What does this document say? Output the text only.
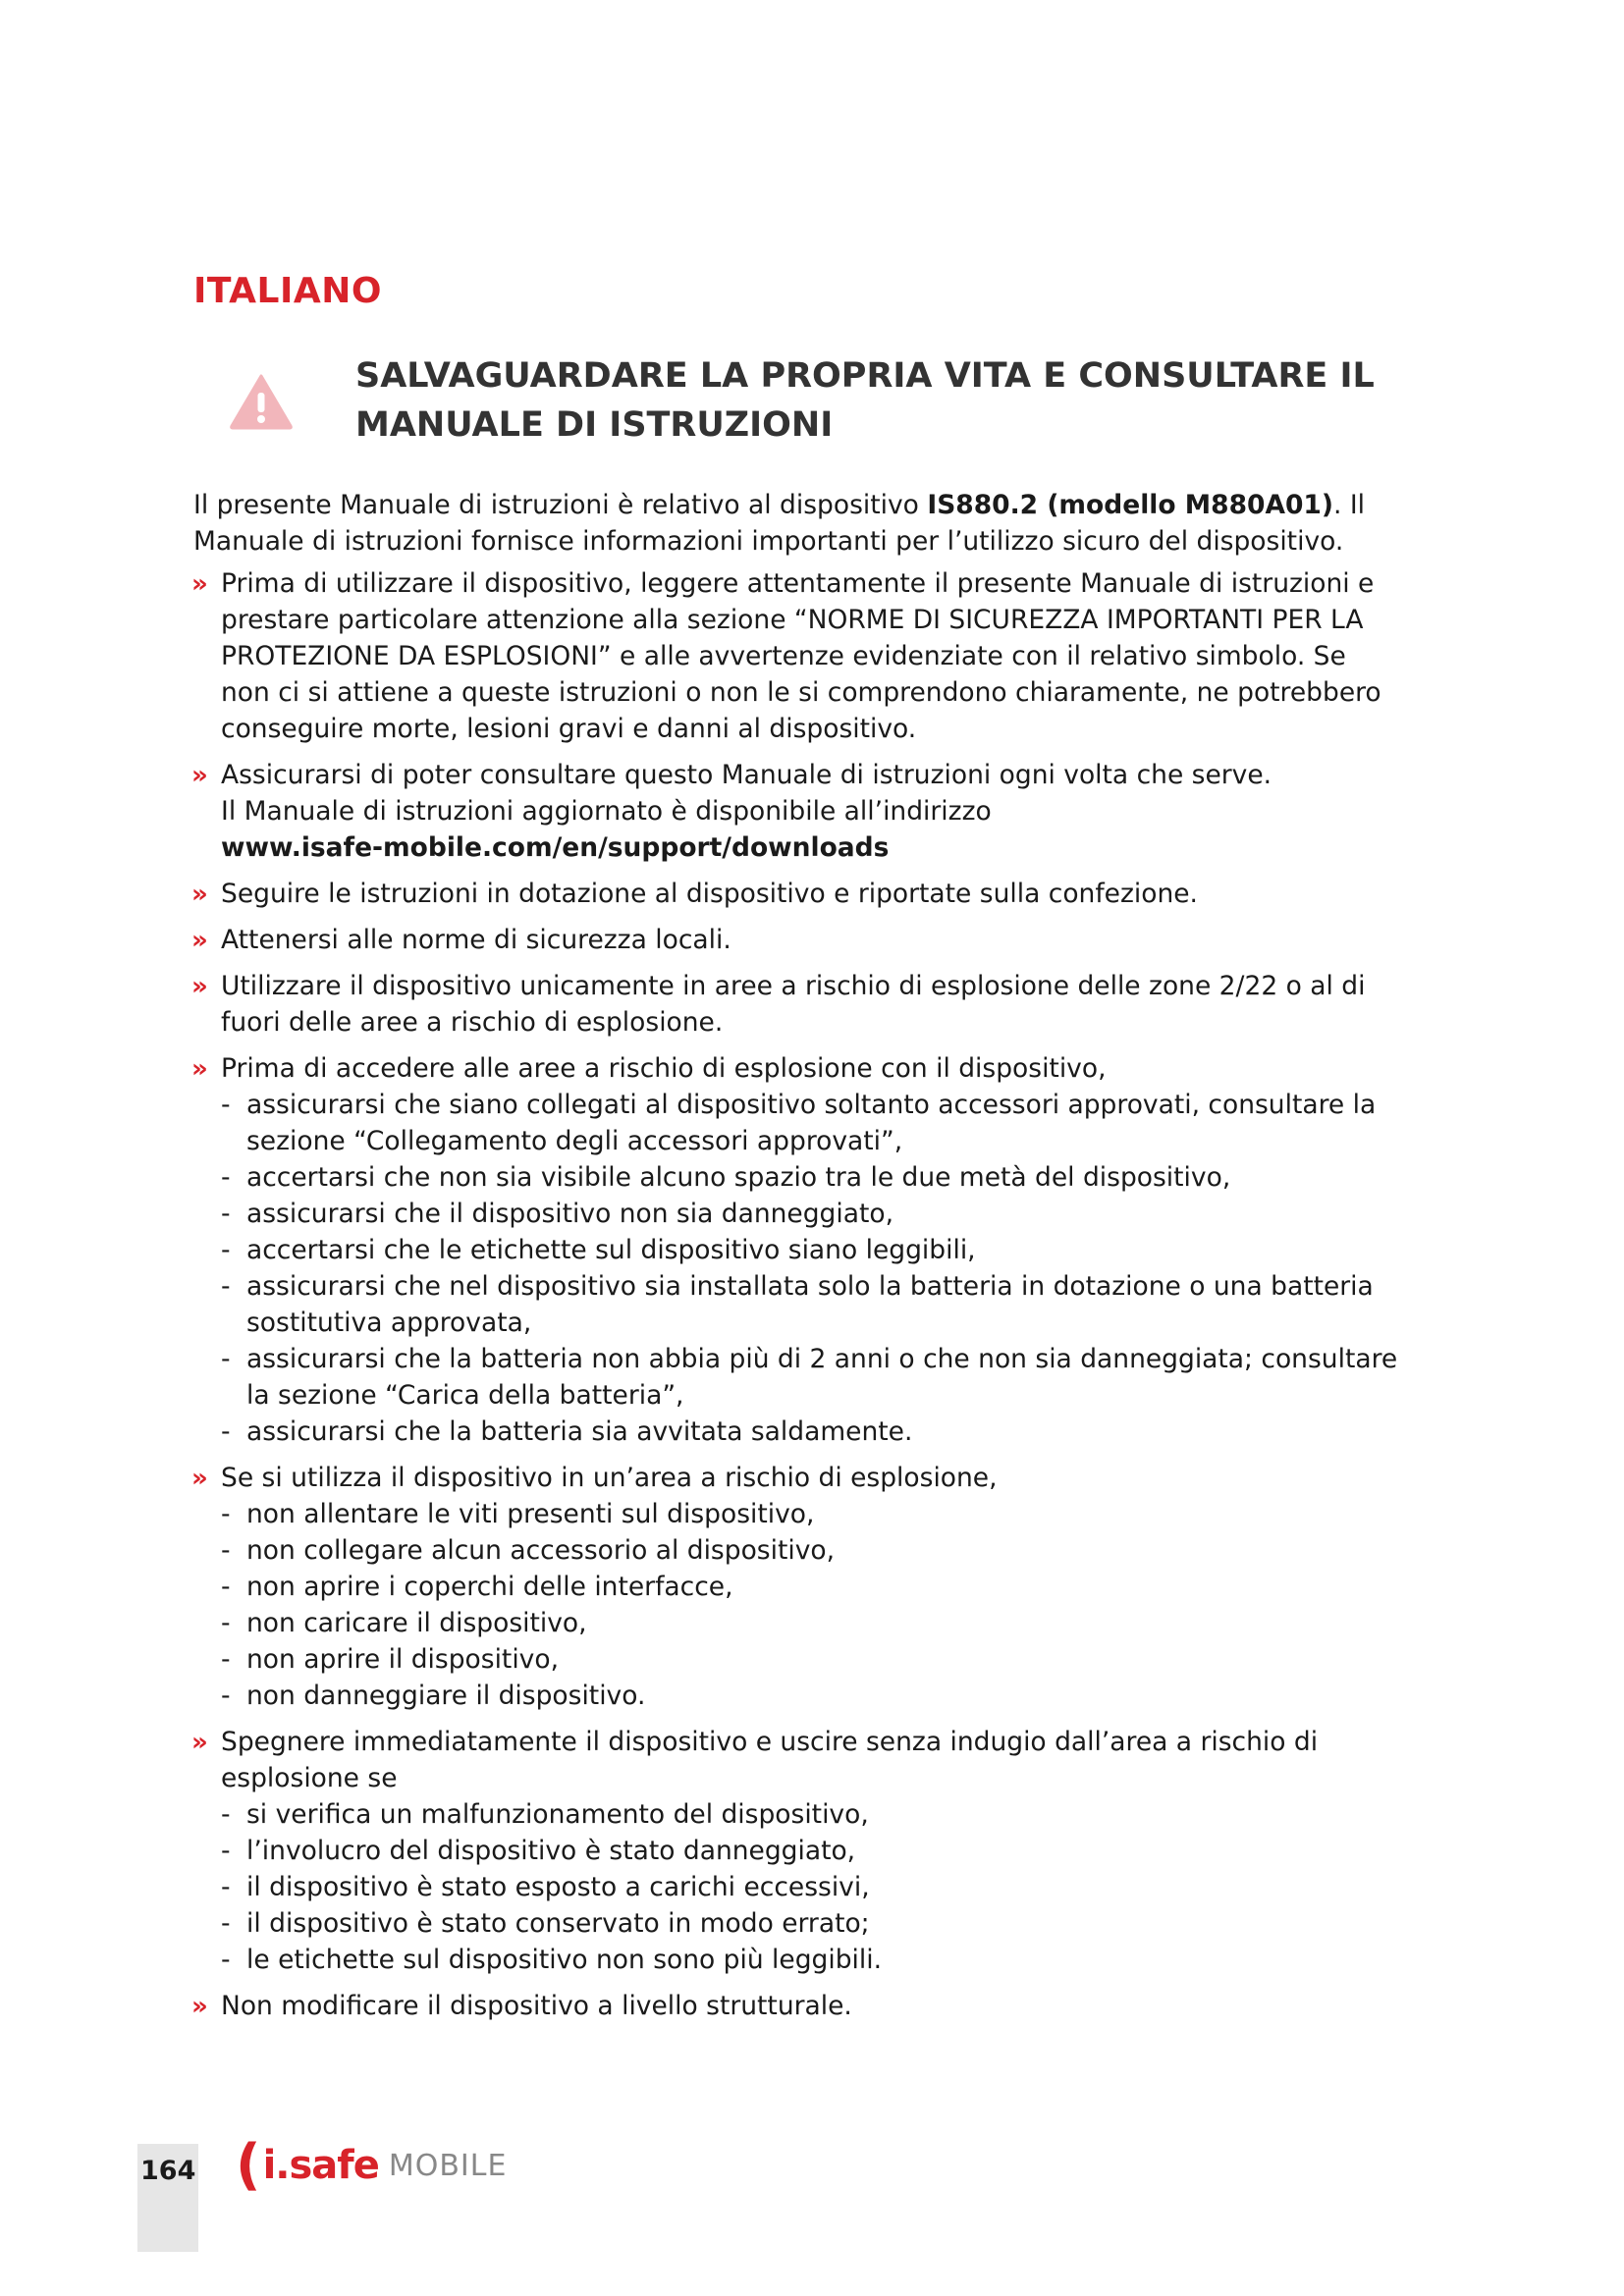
ITALIANO
SALVAGUARDARE LA PROPRIA VITA E CONSULTARE IL
MANUALE DI ISTRUZIONI

Il presente Manuale di istruzioni è relativo al dispositivo IS880.2 (modello M880A01). Il Manuale di istruzioni fornisce informazioni importanti per l’utilizzo sicuro del dispositivo.

» Prima di utilizzare il dispositivo, leggere attentamente il presente Manuale di istruzioni e prestare particolare attenzione alla sezione “NORME DI SICUREZZA IMPORTANTI PER LA PROTEZIONE DA ESPLOSIONI” e alle avvertenze evidenziate con il relativo simbolo. Se non ci si attiene a queste istruzioni o non le si comprendono chiaramente, ne potrebbero conseguire morte, lesioni gravi e danni al dispositivo.
» Assicurarsi di poter consultare questo Manuale di istruzioni ogni volta che serve.
Il Manuale di istruzioni aggiornato è disponibile all’indirizzo
www.isafe-mobile.com/en/support/downloads
» Seguire le istruzioni in dotazione al dispositivo e riportate sulla confezione.
» Attenersi alle norme di sicurezza locali.
» Utilizzare il dispositivo unicamente in aree a rischio di esplosione delle zone 2/22 o al di fuori delle aree a rischio di esplosione.
» Prima di accedere alle aree a rischio di esplosione con il dispositivo,

- assicurarsi che siano collegati al dispositivo soltanto accessori approvati, consultare la sezione “Collegamento degli accessori approvati”,

- accertarsi che non sia visibile alcuno spazio tra le due metà del dispositivo,

- assicurarsi che il dispositivo non sia danneggiato,

- accertarsi che le etichette sul dispositivo siano leggibili,

- assicurarsi che nel dispositivo sia installata solo la batteria in dotazione o una batteria sostitutiva approvata,

- assicurarsi che la batteria non abbia più di 2 anni o che non sia danneggiata; consultare la sezione “Carica della batteria”,

- assicurarsi che la batteria sia avvitata saldamente.

» Se si utilizza il dispositivo in un’area a rischio di esplosione,

- non allentare le viti presenti sul dispositivo,

- non collegare alcun accessorio al dispositivo,

- non aprire i coperchi delle interfacce,

- non caricare il dispositivo,

- non aprire il dispositivo,

- non danneggiare il dispositivo.

» Spegnere immediatamente il dispositivo e uscire senza indugio dall’area a rischio di esplosione se

- si verifica un malfunzionamento del dispositivo,

- l’involucro del dispositivo è stato danneggiato,

- il dispositivo è stato esposto a carichi eccessivi,

- il dispositivo è stato conservato in modo errato;

- le etichette sul dispositivo non sono più leggibili.

» Non modificare il dispositivo a livello strutturale.
164 ( i.safe MOBILE
